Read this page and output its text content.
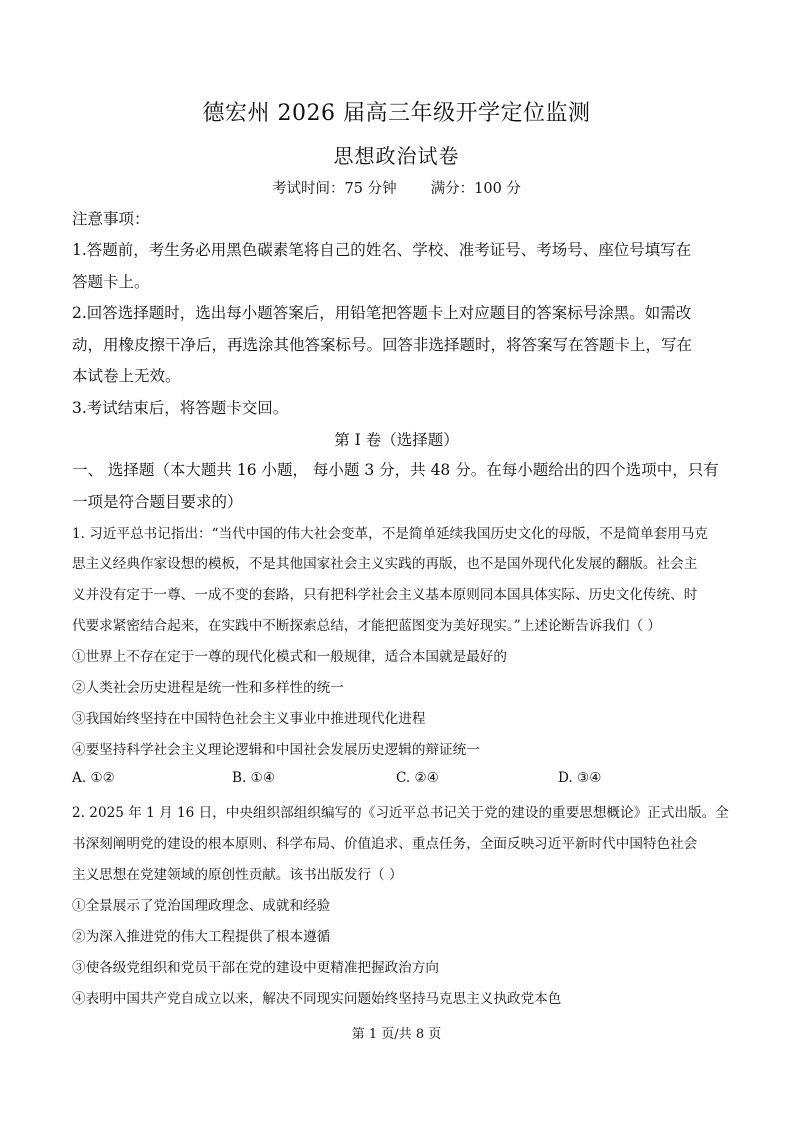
德宏州 2026 届高三年级开学定位监测
思想政治试卷
考试时间：75 分钟 满分：100 分
注意事项：
1.答题前，考生务必用黑色碳素笔将自己的姓名、学校、准考证号、考场号、座位号填写在
答题卡上。
2.回答选择题时，选出每小题答案后，用铅笔把答题卡上对应题目的答案标号涂黑。如需改
动，用橡皮擦干净后，再选涂其他答案标号。回答非选择题时，将答案写在答题卡上，写在
本试卷上无效。
3.考试结束后，将答题卡交回。
第 I 卷（选择题）
一、 选择题（本大题共 16 小题， 每小题 3 分，共 48 分。在每小题给出的四个选项中，只有
一项是符合题目要求的）
1. 习近平总书记指出：“当代中国的伟大社会变革，不是简单延续我国历史文化的母版，不是简单套用马克
思主义经典作家设想的模板，不是其他国家社会主义实践的再版，也不是国外现代化发展的翻版。社会主
义并没有定于一尊、一成不变的套路，只有把科学社会主义基本原则同本国具体实际、历史文化传统、时
代要求紧密结合起来，在实践中不断探索总结，才能把蓝图变为美好现实。”上述论断告诉我们（ ）
①世界上不存在定于一尊的现代化模式和一般规律，适合本国就是最好的
②人类社会历史进程是统一性和多样性的统一
③我国始终坚持在中国特色社会主义事业中推进现代化进程
④要坚持科学社会主义理论逻辑和中国社会发展历史逻辑的辩证统一
A. ①②	B. ①④	C. ②④	D. ③④
2. 2025 年 1 月 16 日，中央组织部组织编写的《习近平总书记关于党的建设的重要思想概论》正式出版。全
书深刻阐明党的建设的根本原则、科学布局、价值追求、重点任务，全面反映习近平新时代中国特色社会
主义思想在党建领域的原创性贡献。该书出版发行（ ）
①全景展示了党治国理政理念、成就和经验
②为深入推进党的伟大工程提供了根本遵循
③使各级党组织和党员干部在党的建设中更精准把握政治方向
④表明中国共产党自成立以来，解决不同现实问题始终坚持马克思主义执政党本色
第 1 页/共 8 页
